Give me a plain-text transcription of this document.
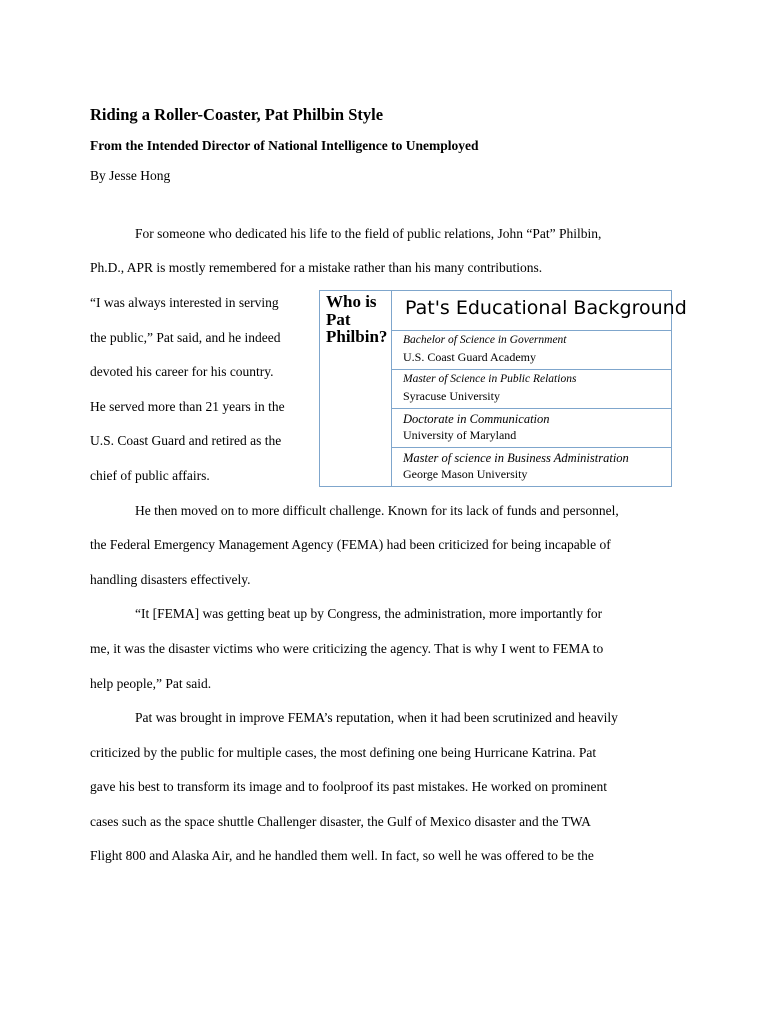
Riding a Roller-Coaster, Pat Philbin Style
From the Intended Director of National Intelligence to Unemployed
By Jesse Hong
For someone who dedicated his life to the field of public relations, John “Pat” Philbin,
Ph.D., APR is mostly remembered for a mistake rather than his many contributions.
“I was always interested in serving
the public,” Pat said, and he indeed
devoted his career for his country.
He served more than 21 years in the
U.S. Coast Guard and retired as the
chief of public affairs.
Who is Pat Philbin?
Pat's Educational Background
Bachelor of Science in Government
U.S. Coast Guard Academy
Master of Science in Public Relations
Syracuse University
Doctorate in Communication
University of Maryland
Master of science in Business Administration
George Mason University
He then moved on to more difficult challenge. Known for its lack of funds and personnel,
the Federal Emergency Management Agency (FEMA) had been criticized for being incapable of
handling disasters effectively.
“It [FEMA] was getting beat up by Congress, the administration, more importantly for
me, it was the disaster victims who were criticizing the agency. That is why I went to FEMA to
help people,” Pat said.
Pat was brought in improve FEMA’s reputation, when it had been scrutinized and heavily
criticized by the public for multiple cases, the most defining one being Hurricane Katrina. Pat
gave his best to transform its image and to foolproof its past mistakes. He worked on prominent
cases such as the space shuttle Challenger disaster, the Gulf of Mexico disaster and the TWA
Flight 800 and Alaska Air, and he handled them well. In fact, so well he was offered to be the
